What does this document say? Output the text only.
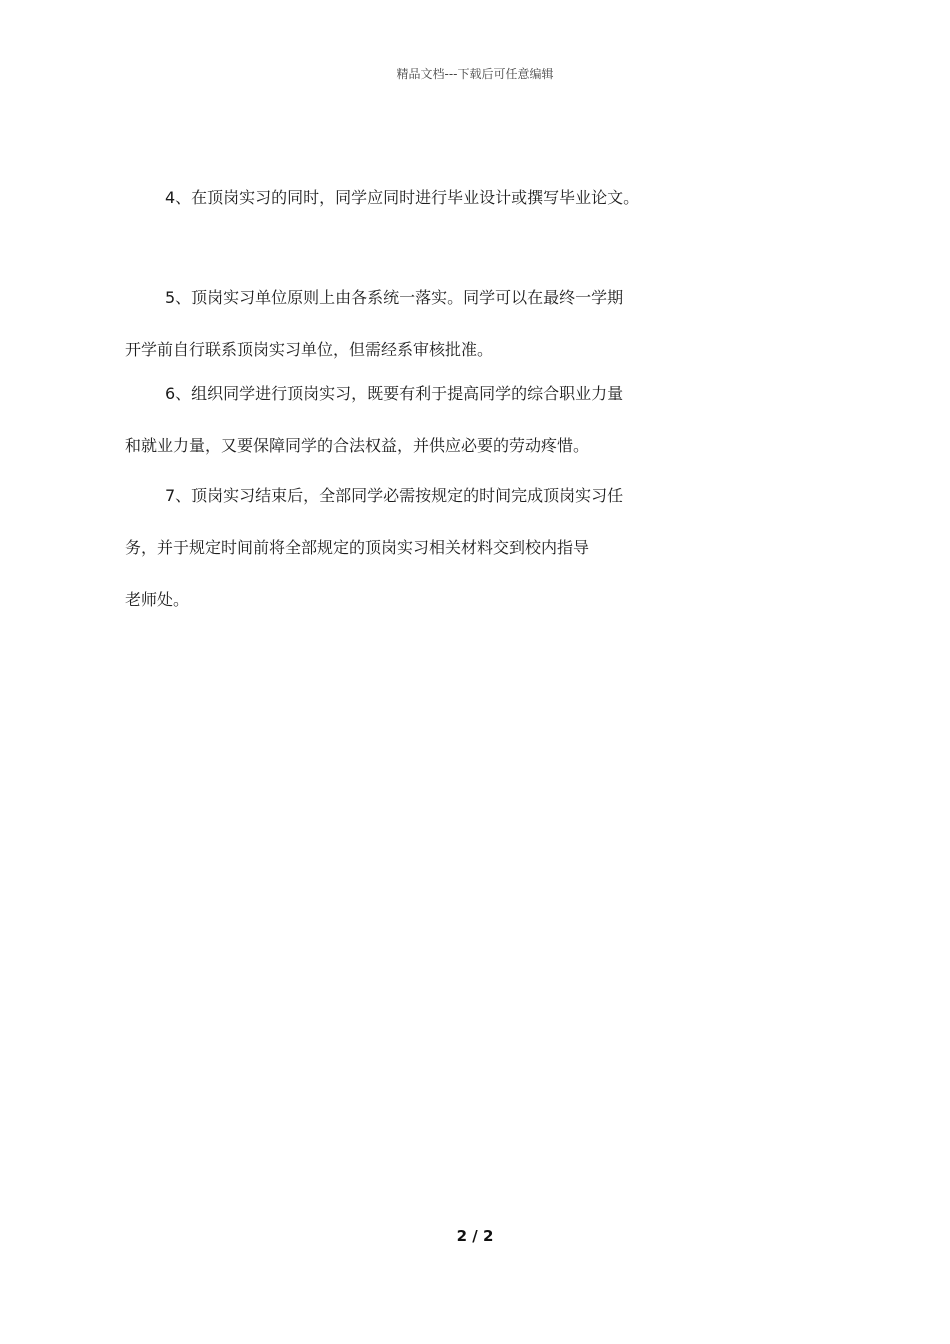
精品文档---下载后可任意编辑

4、在顶岗实习的同时，同学应同时进行毕业设计或撰写毕业论文。

5、顶岗实习单位原则上由各系统一落实。同学可以在最终一学期
开学前自行联系顶岗实习单位，但需经系审核批准。

6、组织同学进行顶岗实习，既要有利于提高同学的综合职业力量
和就业力量，又要保障同学的合法权益，并供应必要的劳动疼惜。

7、顶岗实习结束后，全部同学必需按规定的时间完成顶岗实习任
务，并于规定时间前将全部规定的顶岗实习相关材料交到校内指导
老师处。

2 / 2
